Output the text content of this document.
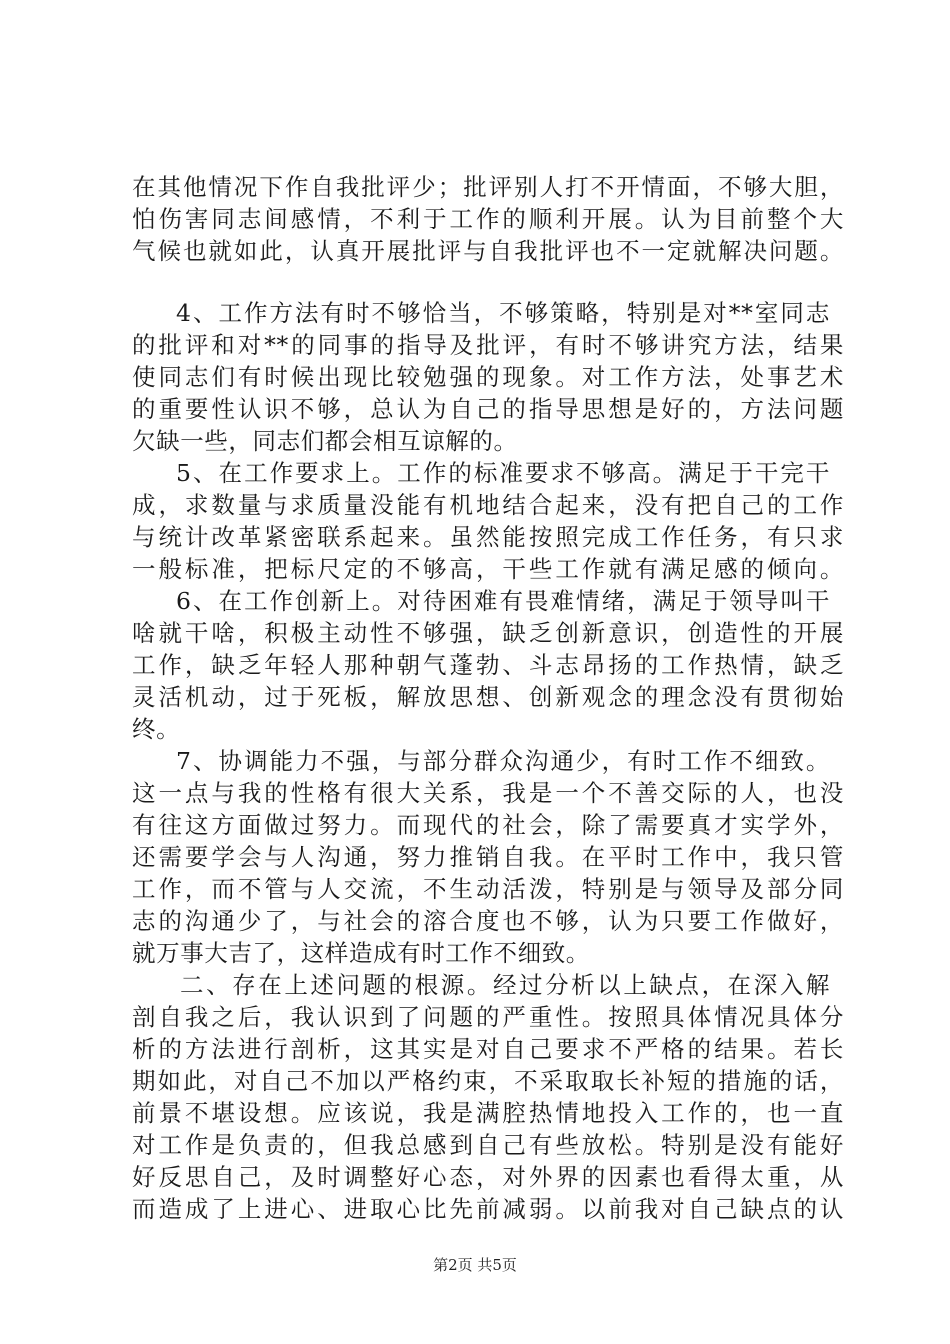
在其他情况下作自我批评少；批评别人打不开情面，不够大胆，
怕伤害同志间感情，不利于工作的顺利开展。认为目前整个大
气候也就如此，认真开展批评与自我批评也不一定就解决问题。
4、工作方法有时不够恰当，不够策略，特别是对**室同志
的批评和对**的同事的指导及批评，有时不够讲究方法，结果
使同志们有时候出现比较勉强的现象。对工作方法，处事艺术
的重要性认识不够，总认为自己的指导思想是好的，方法问题
欠缺一些，同志们都会相互谅解的。
5、在工作要求上。工作的标准要求不够高。满足于干完干
成，求数量与求质量没能有机地结合起来，没有把自己的工作
与统计改革紧密联系起来。虽然能按照完成工作任务，有只求
一般标准，把标尺定的不够高，干些工作就有满足感的倾向。
6、在工作创新上。对待困难有畏难情绪，满足于领导叫干
啥就干啥，积极主动性不够强，缺乏创新意识，创造性的开展
工作，缺乏年轻人那种朝气蓬勃、斗志昂扬的工作热情，缺乏
灵活机动，过于死板，解放思想、创新观念的理念没有贯彻始
终。
7、协调能力不强，与部分群众沟通少，有时工作不细致。
这一点与我的性格有很大关系，我是一个不善交际的人，也没
有往这方面做过努力。而现代的社会，除了需要真才实学外，
还需要学会与人沟通，努力推销自我。在平时工作中，我只管
工作，而不管与人交流，不生动活泼，特别是与领导及部分同
志的沟通少了，与社会的溶合度也不够，认为只要工作做好，
就万事大吉了，这样造成有时工作不细致。
二、存在上述问题的根源。经过分析以上缺点，在深入解
剖自我之后，我认识到了问题的严重性。按照具体情况具体分
析的方法进行剖析，这其实是对自己要求不严格的结果。若长
期如此，对自己不加以严格约束，不采取取长补短的措施的话，
前景不堪设想。应该说，我是满腔热情地投入工作的，也一直
对工作是负责的，但我总感到自己有些放松。特别是没有能好
好反思自己，及时调整好心态，对外界的因素也看得太重，从
而造成了上进心、进取心比先前减弱。以前我对自己缺点的认
第2页 共5页
